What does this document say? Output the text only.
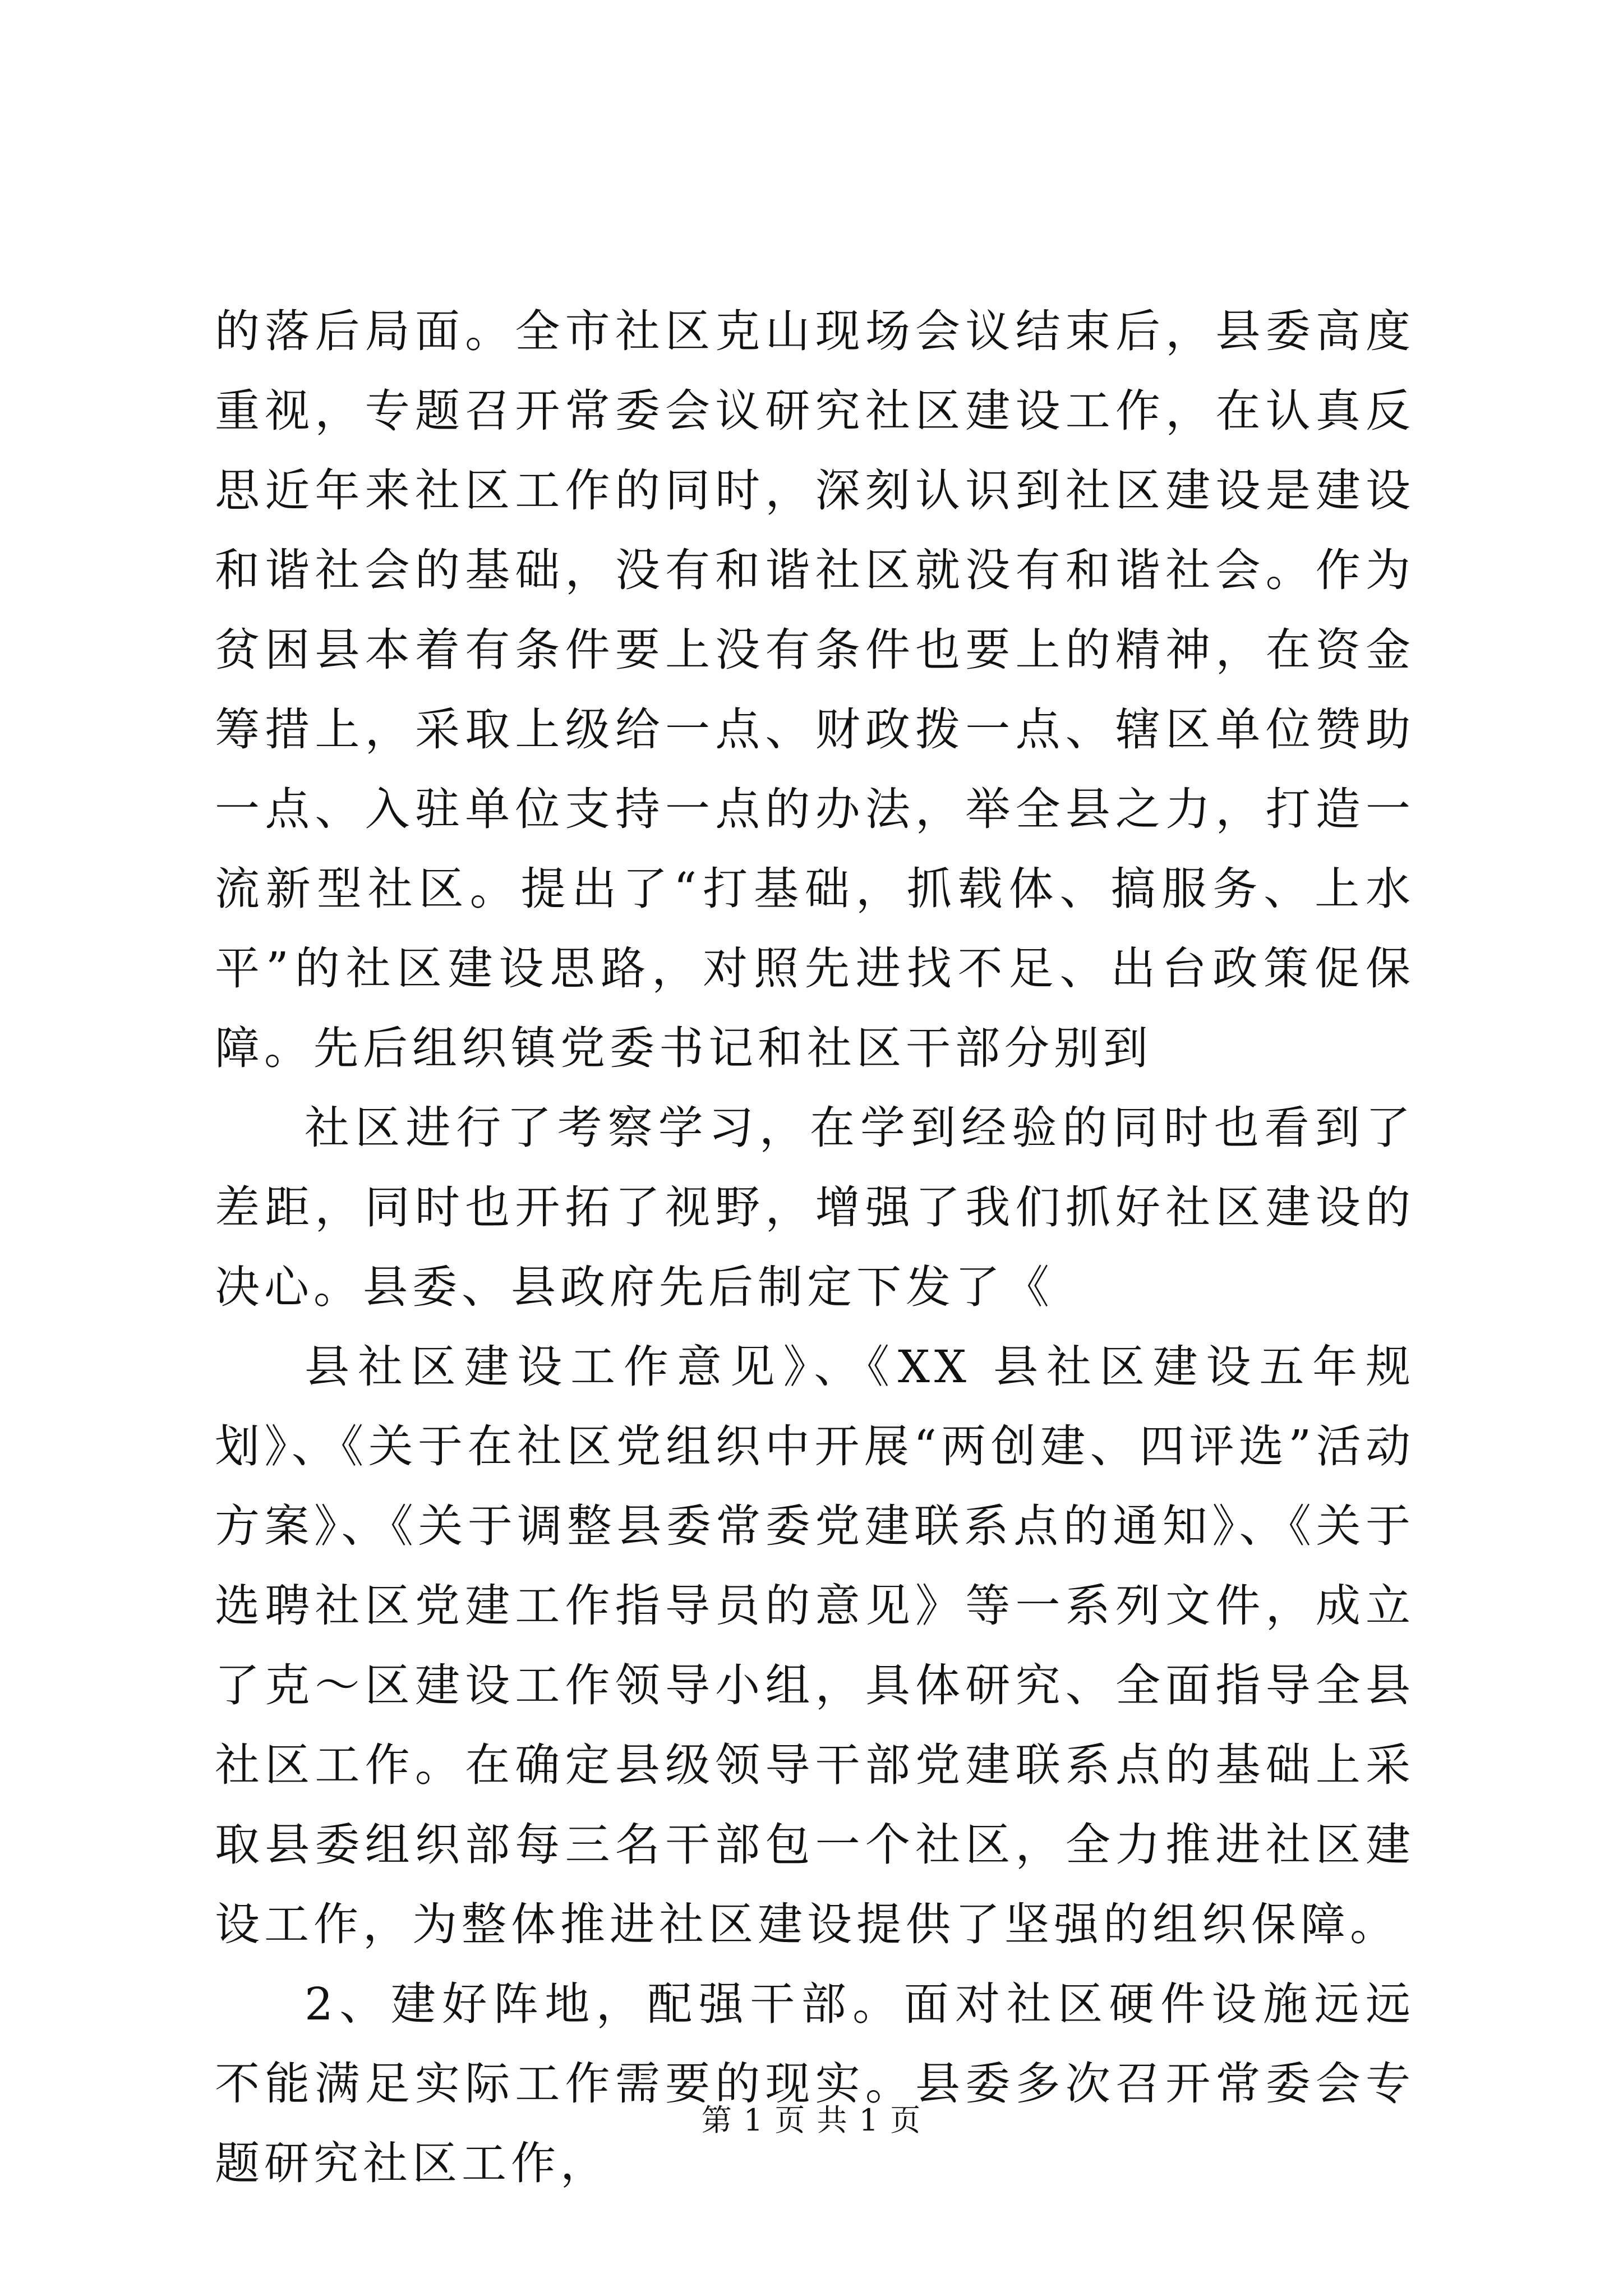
的落后局面。全市社区克山现场会议结束后，县委高度重视，专题召开常委会议研究社区建设工作，在认真反思近年来社区工作的同时，深刻认识到社区建设是建设和谐社会的基础，没有和谐社区就没有和谐社会。作为贫困县本着有条件要上没有条件也要上的精神，在资金筹措上，采取上级给一点、财政拨一点、辖区单位赞助一点、入驻单位支持一点的办法，举全县之力，打造一流新型社区。提出了“打基础，抓载体、搞服务、上水平”的社区建设思路，对照先进找不足、出台政策促保障。先后组织镇党委书记和社区干部分别到

社区进行了考察学习，在学到经验的同时也看到了差距，同时也开拓了视野，增强了我们抓好社区建设的决心。县委、县政府先后制定下发了《

县社区建设工作意见》、《XX 县社区建设五年规划》、《关于在社区党组织中开展“两创建、四评选”活动方案》、《关于调整县委常委党建联系点的通知》、《关于选聘社区党建工作指导员的意见》等一系列文件，成立了克～区建设工作领导小组，具体研究、全面指导全县社区工作。在确定县级领导干部党建联系点的基础上采取县委组织部每三名干部包一个社区，全力推进社区建设工作，为整体推进社区建设提供了坚强的组织保障。

2、建好阵地，配强干部。面对社区硬件设施远远不能满足实际工作需要的现实。县委多次召开常委会专题研究社区工作，

第 1 页 共 1 页
